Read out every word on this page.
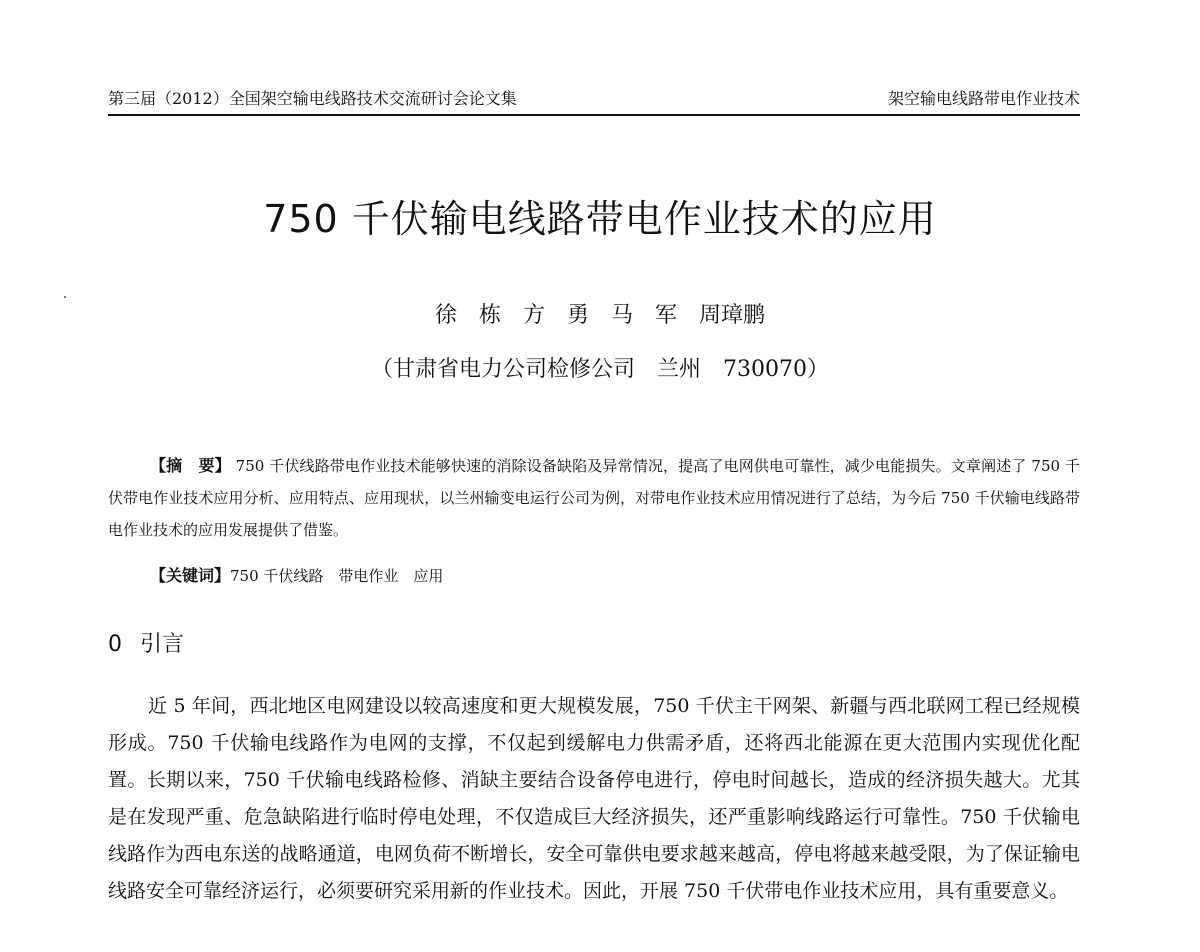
第三届（2012）全国架空输电线路技术交流研讨会论文集	架空输电线路带电作业技术
750 千伏输电线路带电作业技术的应用
徐　栋　方　勇　马　军　周璋鹏
（甘肃省电力公司检修公司　兰州　730070）

【摘　要】 750 千伏线路带电作业技术能够快速的消除设备缺陷及异常情况，提高了电网供电可靠性，减少电能损失。文章阐述了 750 千伏带电作业技术应用分析、应用特点、应用现状，以兰州输变电运行公司为例，对带电作业技术应用情况进行了总结，为今后 750 千伏输电线路带电作业技术的应用发展提供了借鉴。

【关键词】750 千伏线路　带电作业　应用
0 引言

近 5 年间，西北地区电网建设以较高速度和更大规模发展，750 千伏主干网架、新疆与西北联网工程已经规模形成。750 千伏输电线路作为电网的支撑，不仅起到缓解电力供需矛盾，还将西北能源在更大范围内实现优化配置。长期以来，750 千伏输电线路检修、消缺主要结合设备停电进行，停电时间越长，造成的经济损失越大。尤其是在发现严重、危急缺陷进行临时停电处理，不仅造成巨大经济损失，还严重影响线路运行可靠性。750 千伏输电线路作为西电东送的战略通道，电网负荷不断增长，安全可靠供电要求越来越高，停电将越来越受限，为了保证输电线路安全可靠经济运行，必须要研究采用新的作业技术。因此，开展 750 千伏带电作业技术应用，具有重要意义。
